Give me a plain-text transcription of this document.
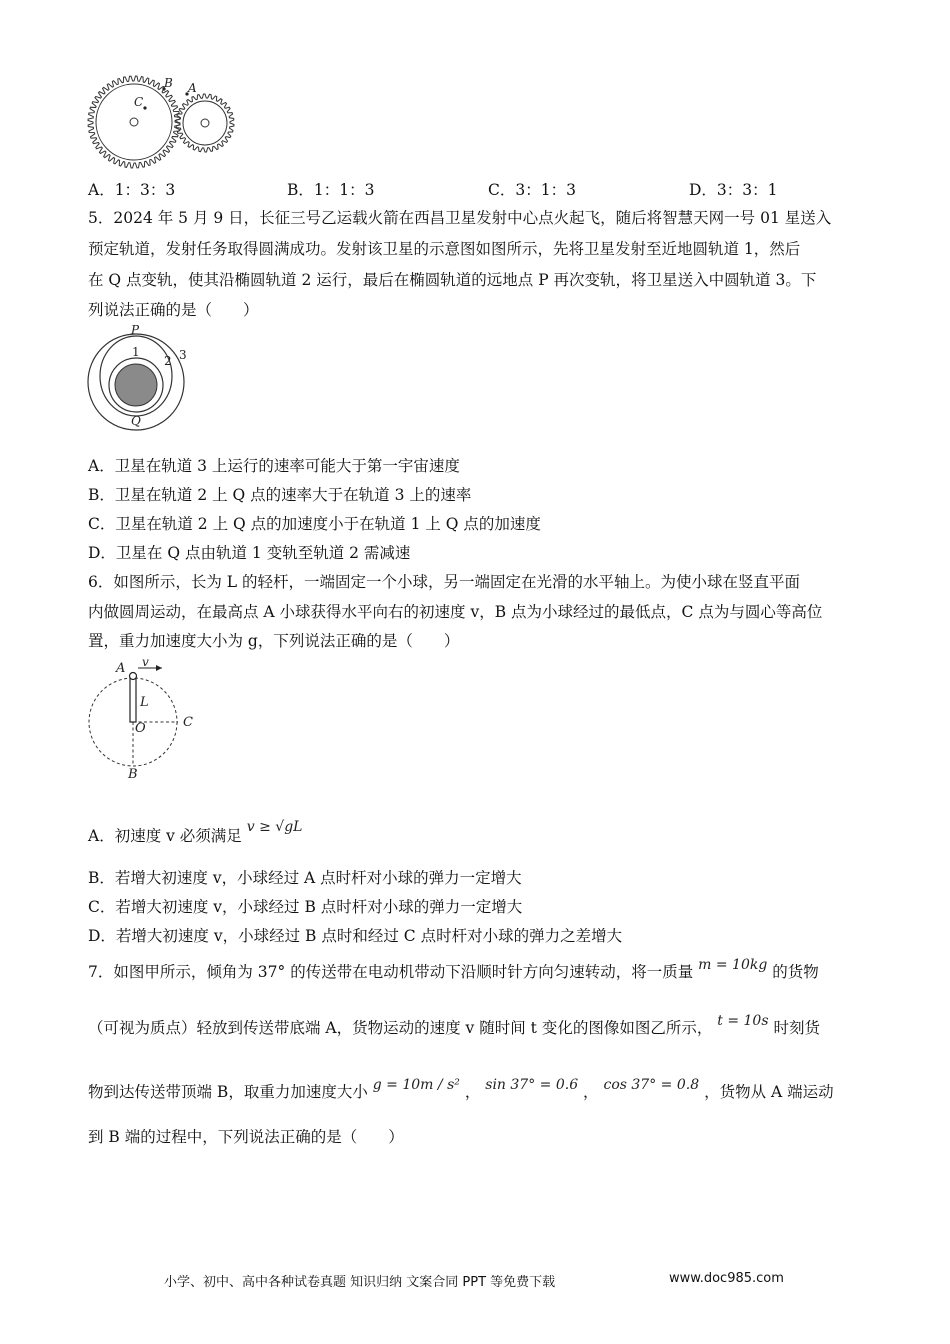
C
B A
A．1：3：3	B．1：1：3	C．3：1：3	D．3：3：1
5．2024 年 5 月 9 日，长征三号乙运载火箭在西昌卫星发射中心点火起飞，随后将智慧天网一号 01 星送入
预定轨道，发射任务取得圆满成功。发射该卫星的示意图如图所示，先将卫星发射至近地圆轨道 1，然后
在 Q 点变轨，使其沿椭圆轨道 2 运行，最后在椭圆轨道的远地点 P 再次变轨，将卫星送入中圆轨道 3。下
列说法正确的是（　　）
P
1
2 3
Q
A．卫星在轨道 3 上运行的速率可能大于第一宇宙速度
B．卫星在轨道 2 上 Q 点的速率大于在轨道 3 上的速率
C．卫星在轨道 2 上 Q 点的加速度小于在轨道 1 上 Q 点的加速度
D．卫星在 Q 点由轨道 1 变轨至轨道 2 需减速
6．如图所示，长为 L 的轻杆，一端固定一个小球，另一端固定在光滑的水平轴上。为使小球在竖直平面
内做圆周运动，在最高点 A 小球获得水平向右的初速度 v，B 点为小球经过的最低点，C 点为与圆心等高位
置，重力加速度大小为 g，下列说法正确的是（　　）
A v
L
O	C
B
A．初速度 v 必须满足 v ≥ √gL
B．若增大初速度 v，小球经过 A 点时杆对小球的弹力一定增大
C．若增大初速度 v，小球经过 B 点时杆对小球的弹力一定增大
D．若增大初速度 v，小球经过 B 点时和经过 C 点时杆对小球的弹力之差增大
7．如图甲所示，倾角为 37° 的传送带在电动机带动下沿顺时针方向匀速转动，将一质量 m = 10kg 的货物
（可视为质点）轻放到传送带底端 A，货物运动的速度 v 随时间 t 变化的图像如图乙所示， t = 10s 时刻货
物到达传送带顶端 B，取重力加速度大小 g = 10m / s² ， sin 37° = 0.6 ， cos 37° = 0.8 ，货物从 A 端运动
到 B 端的过程中，下列说法正确的是（　　）
小学、初中、高中各种试卷真题 知识归纳 文案合同 PPT 等免费下载	www.doc985.com
